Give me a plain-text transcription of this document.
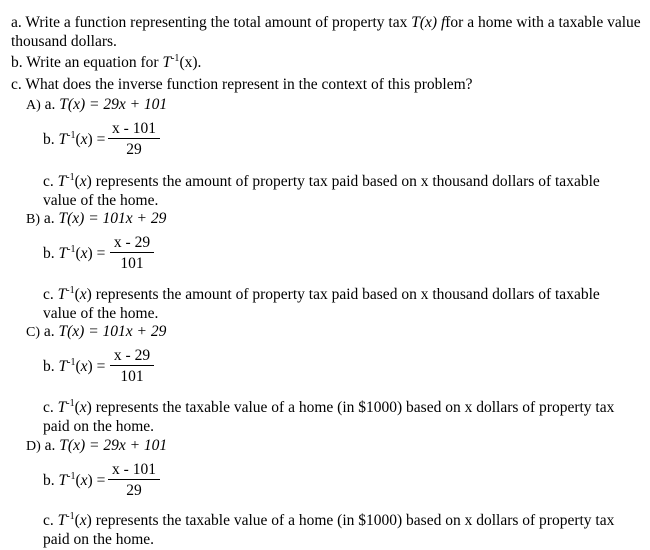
a. Write a function representing the total amount of property tax T(x) ffor a home with a taxable value
thousand dollars.
b. Write an equation for $T^{-1}(x)$.
c. What does the inverse function represent in the context of this problem?
A) a. T(x) = 29x + 101
b. $T^{-1}(x)$ =
x - 101
29
c. $T^{-1}(x)$ represents the amount of property tax paid based on x thousand dollars of taxable
value of the home.
B) a. T(x) = 101x + 29
b. $T^{-1}(x)$ =
x - 29
101
c. $T^{-1}(x)$ represents the amount of property tax paid based on x thousand dollars of taxable
value of the home.
C) a. T(x) = 101x + 29
b. $T^{-1}(x)$ =
x - 29
101
c. $T^{-1}(x)$ represents the taxable value of a home (in $1000) based on x dollars of property tax
paid on the home.
D) a. T(x) = 29x + 101
b. $T^{-1}(x)$ =
x - 101
29
c. $T^{-1}(x)$ represents the taxable value of a home (in $1000) based on x dollars of property tax
paid on the home.
